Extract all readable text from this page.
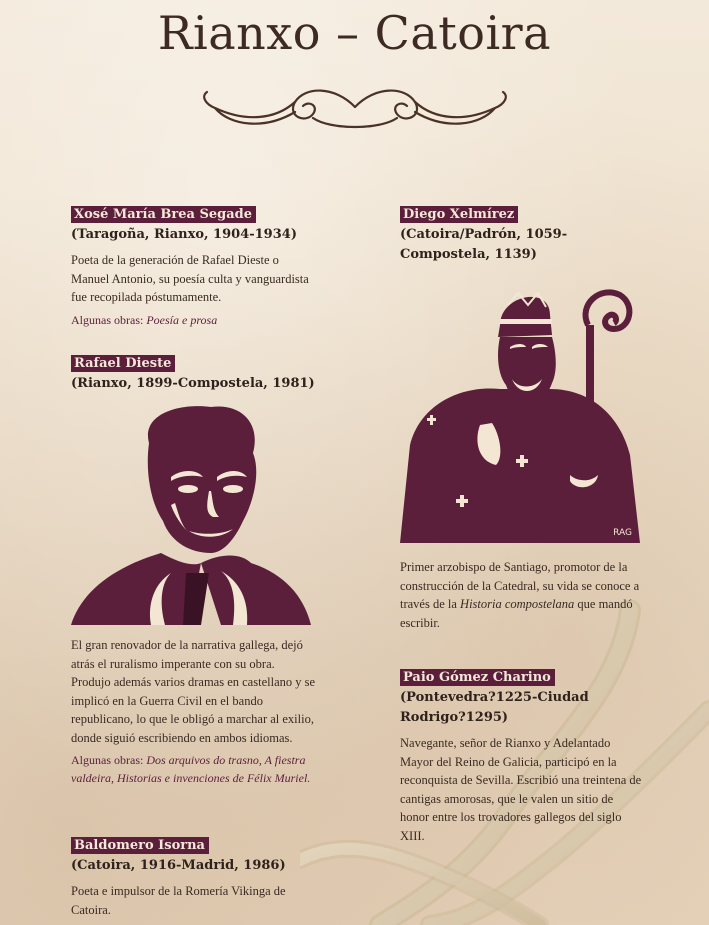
Rianxo – Catoira
Xosé María Brea Segade
(Taragoña, Rianxo, 1904-1934)
Poeta de la generación de Rafael Dieste o Manuel Antonio, su poesía culta y vanguardista fue recopilada póstumamente.
Algunas obras: Poesía e prosa
Rafael Dieste
(Rianxo, 1899-Compostela, 1981)
El gran renovador de la narrativa gallega, dejó atrás el ruralismo imperante con su obra. Produjo además varios dramas en castellano y se implicó en la Guerra Civil en el bando republicano, lo que le obligó a marchar al exilio, donde siguió escribiendo en ambos idiomas.
Algunas obras: Dos arquivos do trasno, A fiestra valdeira, Historias e invenciones de Félix Muriel.
Baldomero Isorna
(Catoira, 1916-Madrid, 1986)
Poeta e impulsor de la Romería Vikinga de Catoira.
Diego Xelmírez
(Catoira/Padrón, 1059-Compostela, 1139)
RAG
Primer arzobispo de Santiago, promotor de la construcción de la Catedral, su vida se conoce a través de la Historia compostelana que mandó escribir.
Paio Gómez Charino
(Pontevedra?1225-Ciudad Rodrigo?1295)
Navegante, señor de Rianxo y Adelantado Mayor del Reino de Galicia, participó en la reconquista de Sevilla. Escribió una treintena de cantigas amorosas, que le valen un sitio de honor entre los trovadores gallegos del siglo XIII.
